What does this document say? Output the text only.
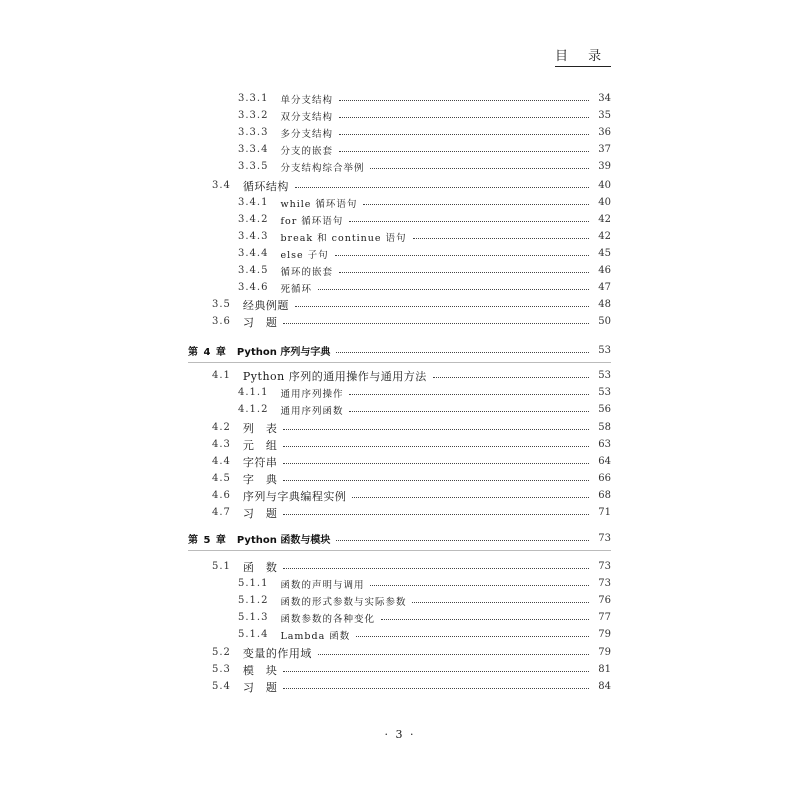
目 录
3.3.1 单分支结构	34
3.3.2 双分支结构	35
3.3.3 多分支结构	36
3.3.4 分支的嵌套	37
3.3.5 分支结构综合举例	39
3.4 循环结构	40
3.4.1 while 循环语句	40
3.4.2 for 循环语句	42
3.4.3 break 和 continue 语句	42
3.4.4 else 子句	45
3.4.5 循环的嵌套	46
3.4.6 死循环	47
3.5 经典例题	48
3.6 习　题	50
第 4 章 Python 序列与字典	53
4.1 Python 序列的通用操作与通用方法	53
4.1.1 通用序列操作	53
4.1.2 通用序列函数	56
4.2 列　表	58
4.3 元　组	63
4.4 字符串	64
4.5 字　典	66
4.6 序列与字典编程实例	68
4.7 习　题	71
第 5 章 Python 函数与模块	73
5.1 函　数	73
5.1.1 函数的声明与调用	73
5.1.2 函数的形式参数与实际参数	76
5.1.3 函数参数的各种变化	77
5.1.4 Lambda 函数	79
5.2 变量的作用域	79
5.3 模　块	81
5.4 习　题	84
· 3 ·
